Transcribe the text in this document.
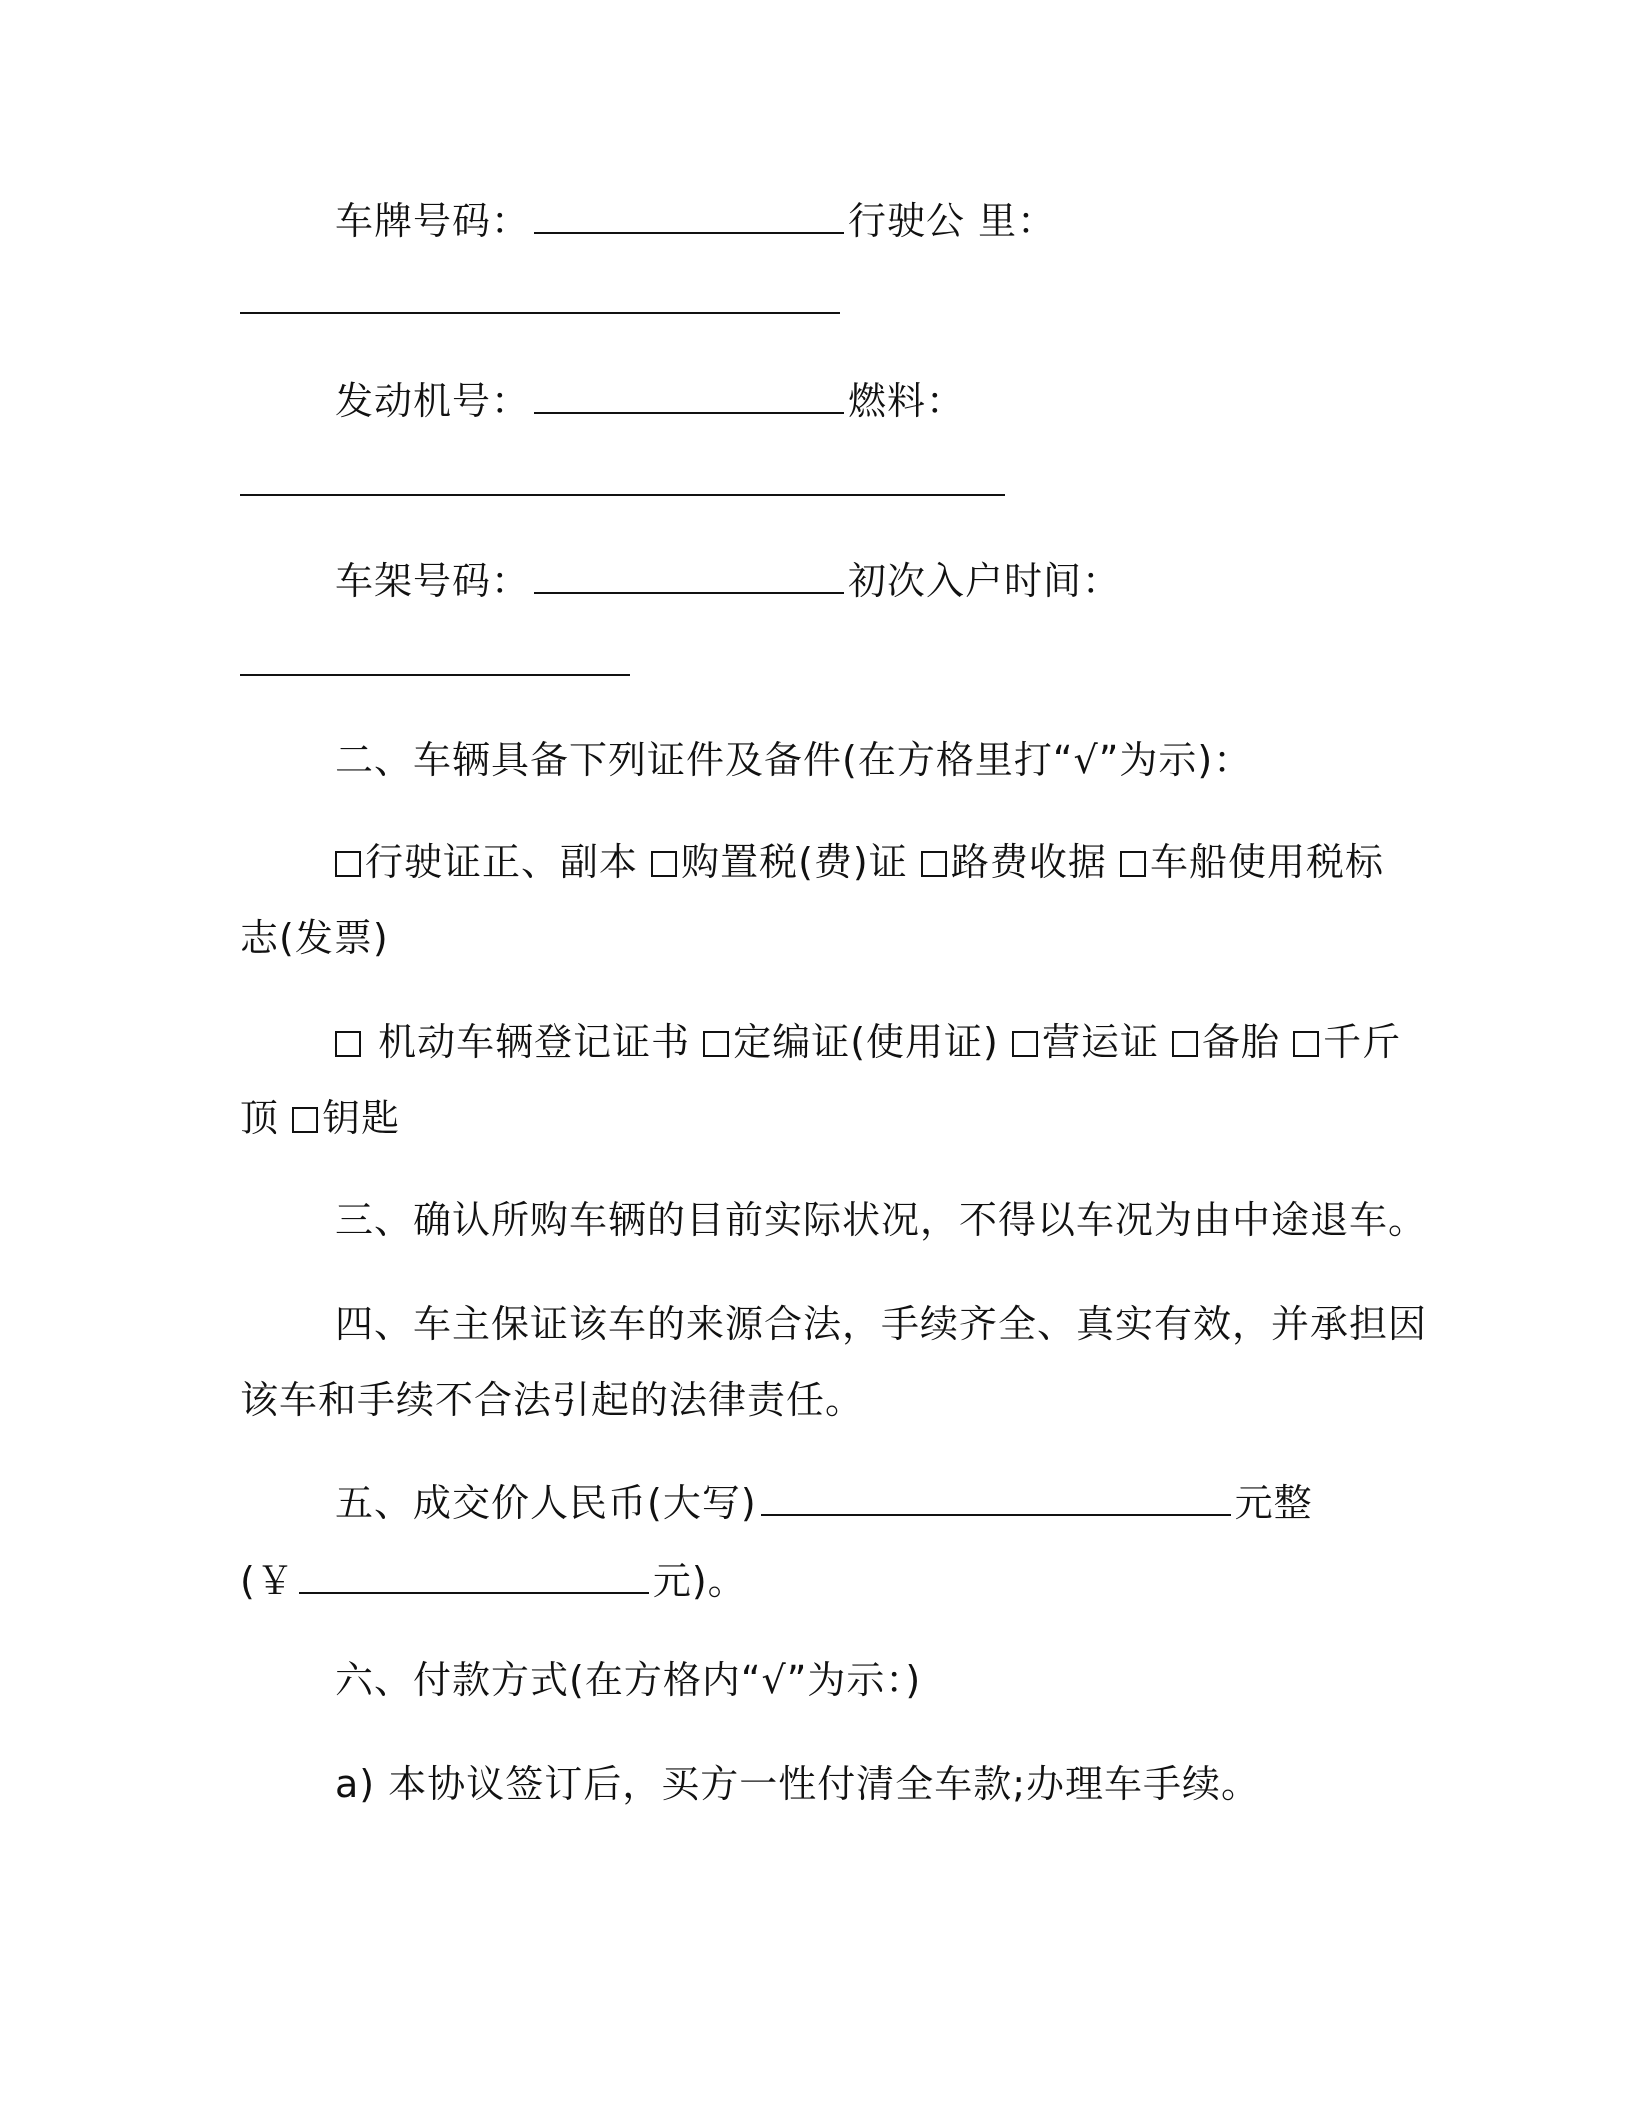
车牌号码：	行驶公 里：
发动机号：	燃料：
车架号码：	初次入户时间：
二、车辆具备下列证件及备件(在方格里打“√”为示)：
行驶证正、副本 购置税(费)证 路费收据 车船使用税标
志(发票)
机动车辆登记证书 定编证(使用证) 营运证 备胎 千斤
顶 钥匙
三、确认所购车辆的目前实际状况，不得以车况为由中途退车。
四、车主保证该车的来源合法，手续齐全、真实有效，并承担因
该车和手续不合法引起的法律责任。
五、成交价人民币(大写)	元整
(￥	元)。
六、付款方式(在方格内“√”为示：)
a) 本协议签订后，买方一性付清全车款;办理车手续。
